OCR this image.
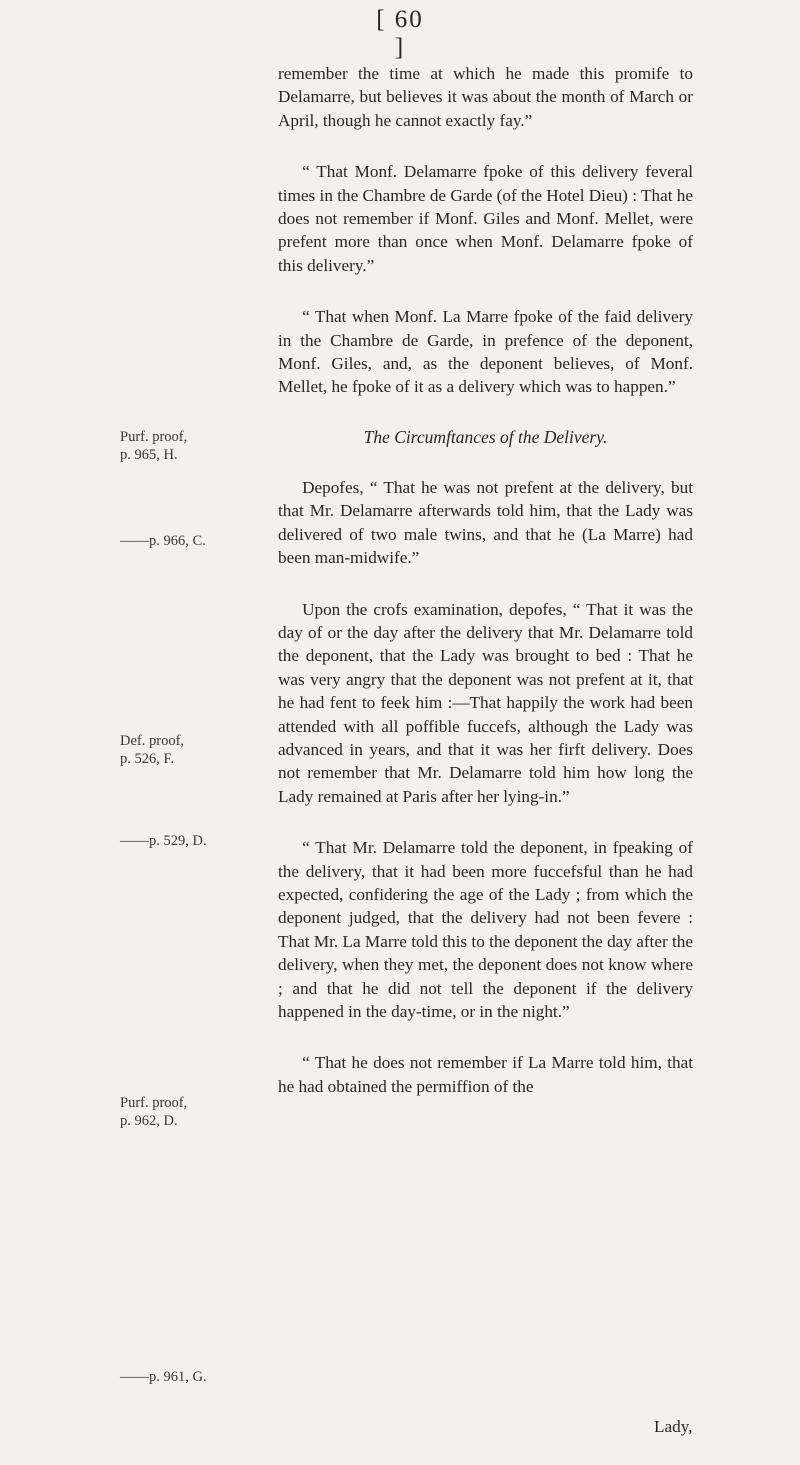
[ 60 ]
Purf. proof,
p. 965, H.
——p. 966, C.
Def. proof,
p. 526, F.
——p. 529, D.
Purf. proof,
p. 962, D.
——p. 961, G.

remember the time at which he made this promife to Delamarre, but believes it was about the month of March or April, though he cannot exactly fay.”

“ That Monf. Delamarre fpoke of this delivery feveral times in the Chambre de Garde (of the Hotel Dieu) : That he does not remember if Monf. Giles and Monf. Mellet, were prefent more than once when Monf. Delamarre fpoke of this delivery.”

“ That when Monf. La Marre fpoke of the faid delivery in the Chambre de Garde, in prefence of the deponent, Monf. Giles, and, as the deponent believes, of Monf. Mellet, he fpoke of it as a delivery which was to happen.”

The Circumftances of the Delivery.

Depofes, “ That he was not prefent at the delivery, but that Mr. Delamarre afterwards told him, that the Lady was delivered of two male twins, and that he (La Marre) had been man-midwife.”

Upon the crofs examination, depofes, “ That it was the day of or the day after the delivery that Mr. Delamarre told the deponent, that the Lady was brought to bed : That he was very angry that the deponent was not prefent at it, that he had fent to feek him :—That happily the work had been attended with all poffible fuccefs, although the Lady was advanced in years, and that it was her firft delivery. Does not remember that Mr. Delamarre told him how long the Lady remained at Paris after her lying-in.”

“ That Mr. Delamarre told the deponent, in fpeaking of the delivery, that it had been more fuccefsful than he had expected, confidering the age of the Lady ; from which the deponent judged, that the delivery had not been fevere : That Mr. La Marre told this to the deponent the day after the delivery, when they met, the deponent does not know where ; and that he did not tell the deponent if the delivery happened in the day-time, or in the night.”

“ That he does not remember if La Marre told him, that he had obtained the permiffion of the

Lady,
